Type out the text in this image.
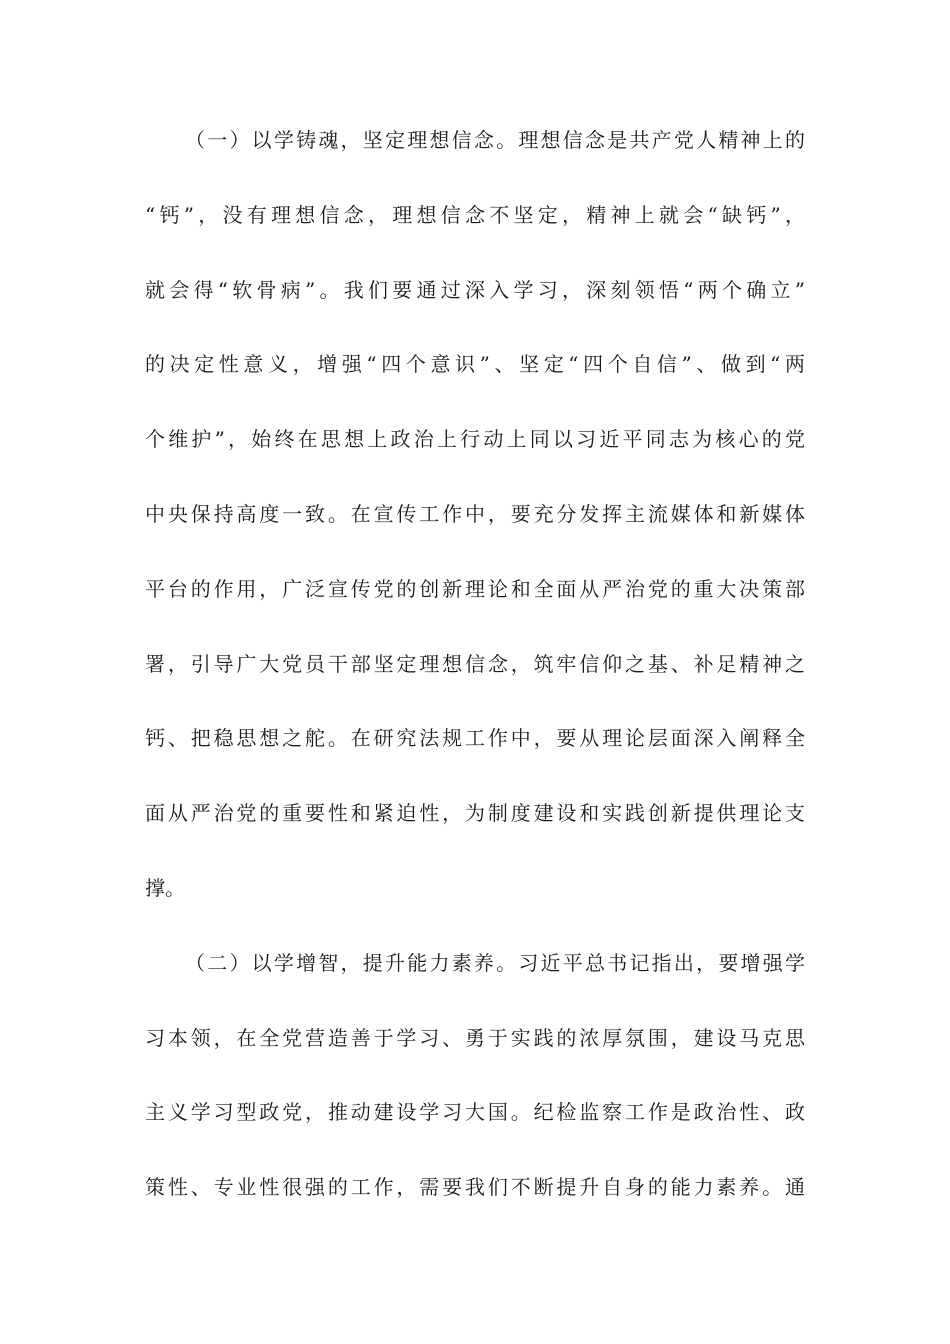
（一）以学铸魂，坚定理想信念。理想信念是共产党人精神上的
“钙”，没有理想信念，理想信念不坚定，精神上就会“缺钙”，
就会得“软骨病”。我们要通过深入学习，深刻领悟“两个确立”
的决定性意义，增强“四个意识”、坚定“四个自信”、做到“两
个维护”，始终在思想上政治上行动上同以习近平同志为核心的党
中央保持高度一致。在宣传工作中，要充分发挥主流媒体和新媒体
平台的作用，广泛宣传党的创新理论和全面从严治党的重大决策部
署，引导广大党员干部坚定理想信念，筑牢信仰之基、补足精神之
钙、把稳思想之舵。在研究法规工作中，要从理论层面深入阐释全
面从严治党的重要性和紧迫性，为制度建设和实践创新提供理论支
撑。
（二）以学增智，提升能力素养。习近平总书记指出，要增强学
习本领，在全党营造善于学习、勇于实践的浓厚氛围，建设马克思
主义学习型政党，推动建设学习大国。纪检监察工作是政治性、政
策性、专业性很强的工作，需要我们不断提升自身的能力素养。通
